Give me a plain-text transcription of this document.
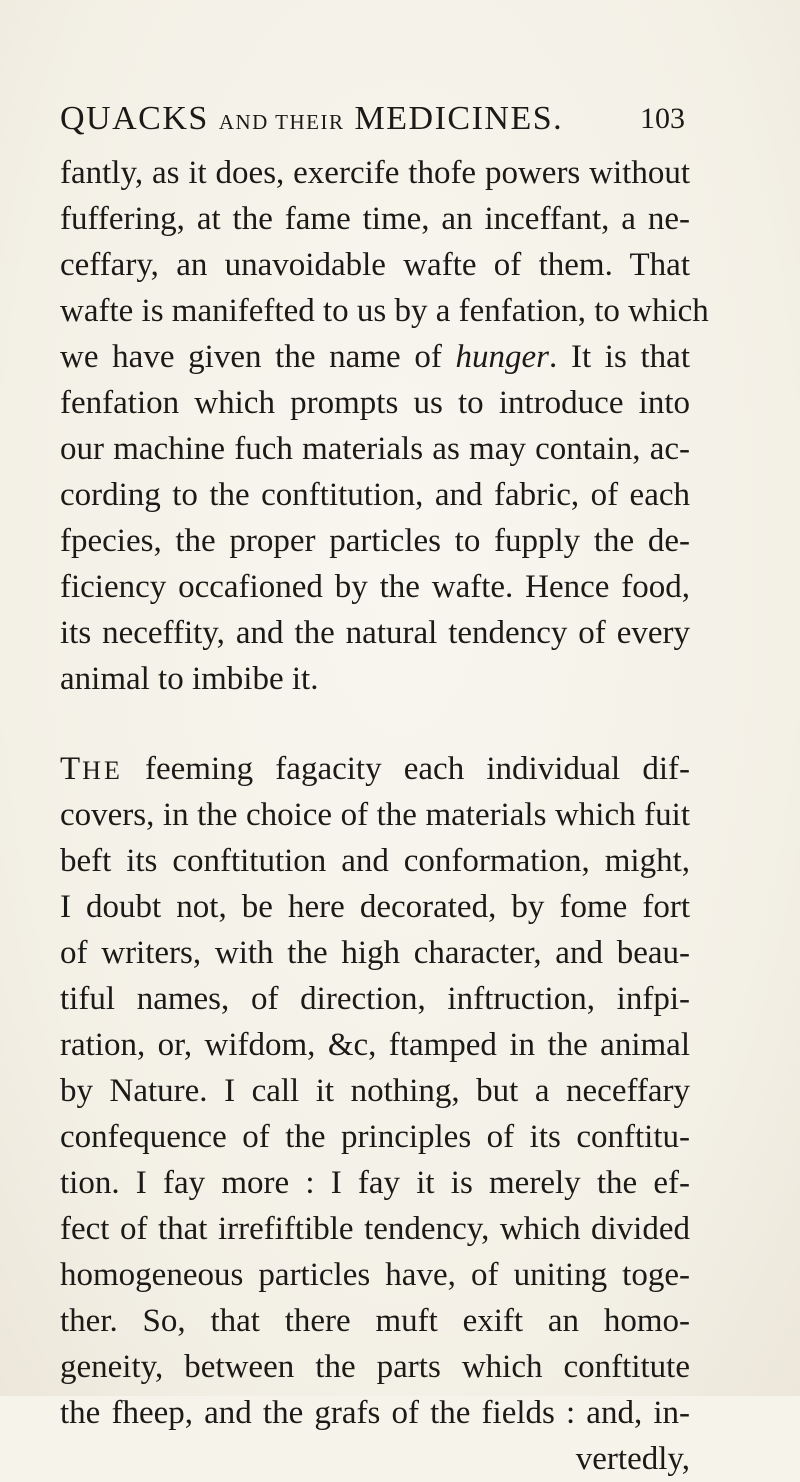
QUACKS AND THEIR MEDICINES.	103
fantly, as it does, exercife thofe powers without
fuffering, at the fame time, an inceffant, a ne-
ceffary, an unavoidable wafte of them. That
wafte is manifefted to us by a fenfation, to which
we have given the name of hunger. It is that
fenfation which prompts us to introduce into
our machine fuch materials as may contain, ac-
cording to the conftitution, and fabric, of each
fpecies, the proper particles to fupply the de-
ficiency occafioned by the wafte. Hence food,
its neceffity, and the natural tendency of every
animal to imbibe it.
THE feeming fagacity each individual dif-
covers, in the choice of the materials which fuit
beft its conftitution and conformation, might,
I doubt not, be here decorated, by fome fort
of writers, with the high character, and beau-
tiful names, of direction, inftruction, infpi-
ration, or, wifdom, &c, ftamped in the animal
by Nature. I call it nothing, but a neceffary
confequence of the principles of its conftitu-
tion. I fay more : I fay it is merely the ef-
fect of that irrefiftible tendency, which divided
homogeneous particles have, of uniting toge-
ther. So, that there muft exift an homo-
geneity, between the parts which conftitute
the fheep, and the grafs of the fields : and, in-
vertedly,
